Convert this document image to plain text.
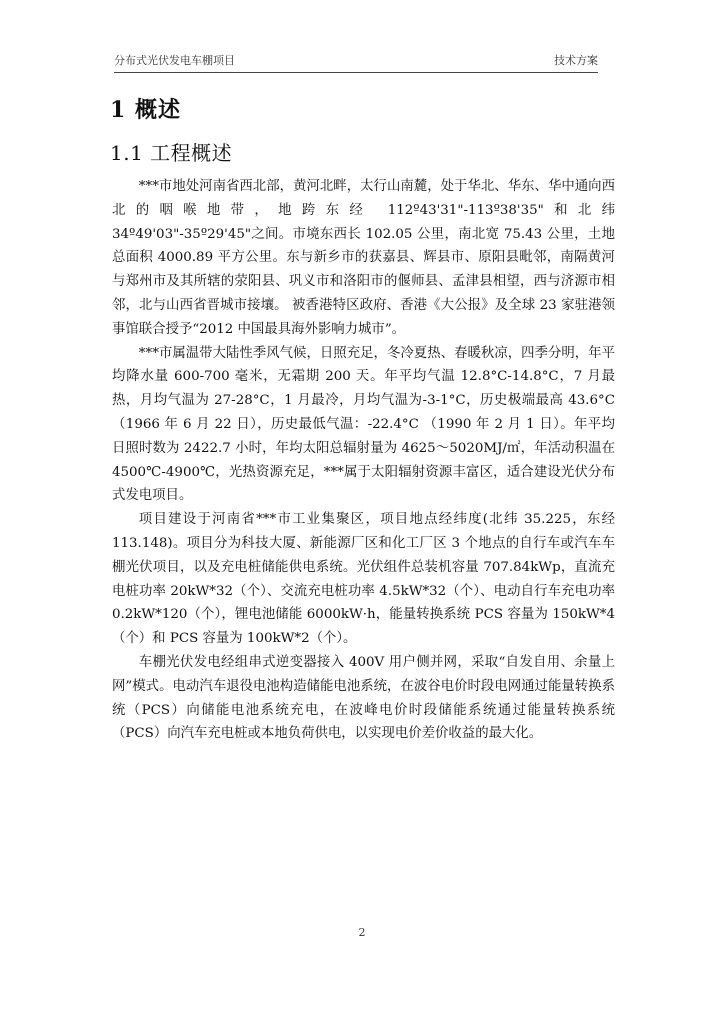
分布式光伏发电车棚项目	技术方案
1 概述
1.1 工程概述

***市地处河南省西北部，黄河北畔，太行山南麓，处于华北、华东、华中通向西北的咽喉地带，地跨东经 112º43'31"-113º38'35"和北纬 34º49'03"-35º29'45"之间。市境东西长 102.05 公里，南北宽 75.43 公里，土地总面积 4000.89 平方公里。东与新乡市的获嘉县、辉县市、原阳县毗邻，南隔黄河与郑州市及其所辖的荥阳县、巩义市和洛阳市的偃师县、孟津县相望，西与济源市相邻，北与山西省晋城市接壤。 被香港特区政府、香港《大公报》及全球 23 家驻港领事馆联合授予“2012 中国最具海外影响力城市”。

***市属温带大陆性季风气候，日照充足，冬冷夏热、春暖秋凉，四季分明，年平均降水量 600-700 毫米，无霜期 200 天。年平均气温 12.8°C-14.8°C，7 月最热，月均气温为 27-28°C，1 月最冷，月均气温为-3-1°C，历史极端最高 43.6°C（1966 年 6 月 22 日），历史最低气温：-22.4°C （1990 年 2 月 1 日）。年平均日照时数为 2422.7 小时，年均太阳总辐射量为 4625～5020MJ/㎡，年活动积温在 4500℃-4900℃，光热资源充足，***属于太阳辐射资源丰富区，适合建设光伏分布式发电项目。

项目建设于河南省***市工业集聚区，项目地点经纬度(北纬 35.225，东经 113.148)。项目分为科技大厦、新能源厂区和化工厂区 3 个地点的自行车或汽车车棚光伏项目，以及充电桩储能供电系统。光伏组件总装机容量 707.84kWp，直流充电桩功率 20kW*32（个）、交流充电桩功率 4.5kW*32（个）、电动自行车充电功率 0.2kW*120（个），锂电池储能 6000kW·h，能量转换系统 PCS 容量为 150kW*4（个）和 PCS 容量为 100kW*2（个）。

车棚光伏发电经组串式逆变器接入 400V 用户侧并网，采取“自发自用、余量上网”模式。电动汽车退役电池构造储能电池系统，在波谷电价时段电网通过能量转换系统（PCS）向储能电池系统充电，在波峰电价时段储能系统通过能量转换系统（PCS）向汽车充电桩或本地负荷供电，以实现电价差价收益的最大化。

2
